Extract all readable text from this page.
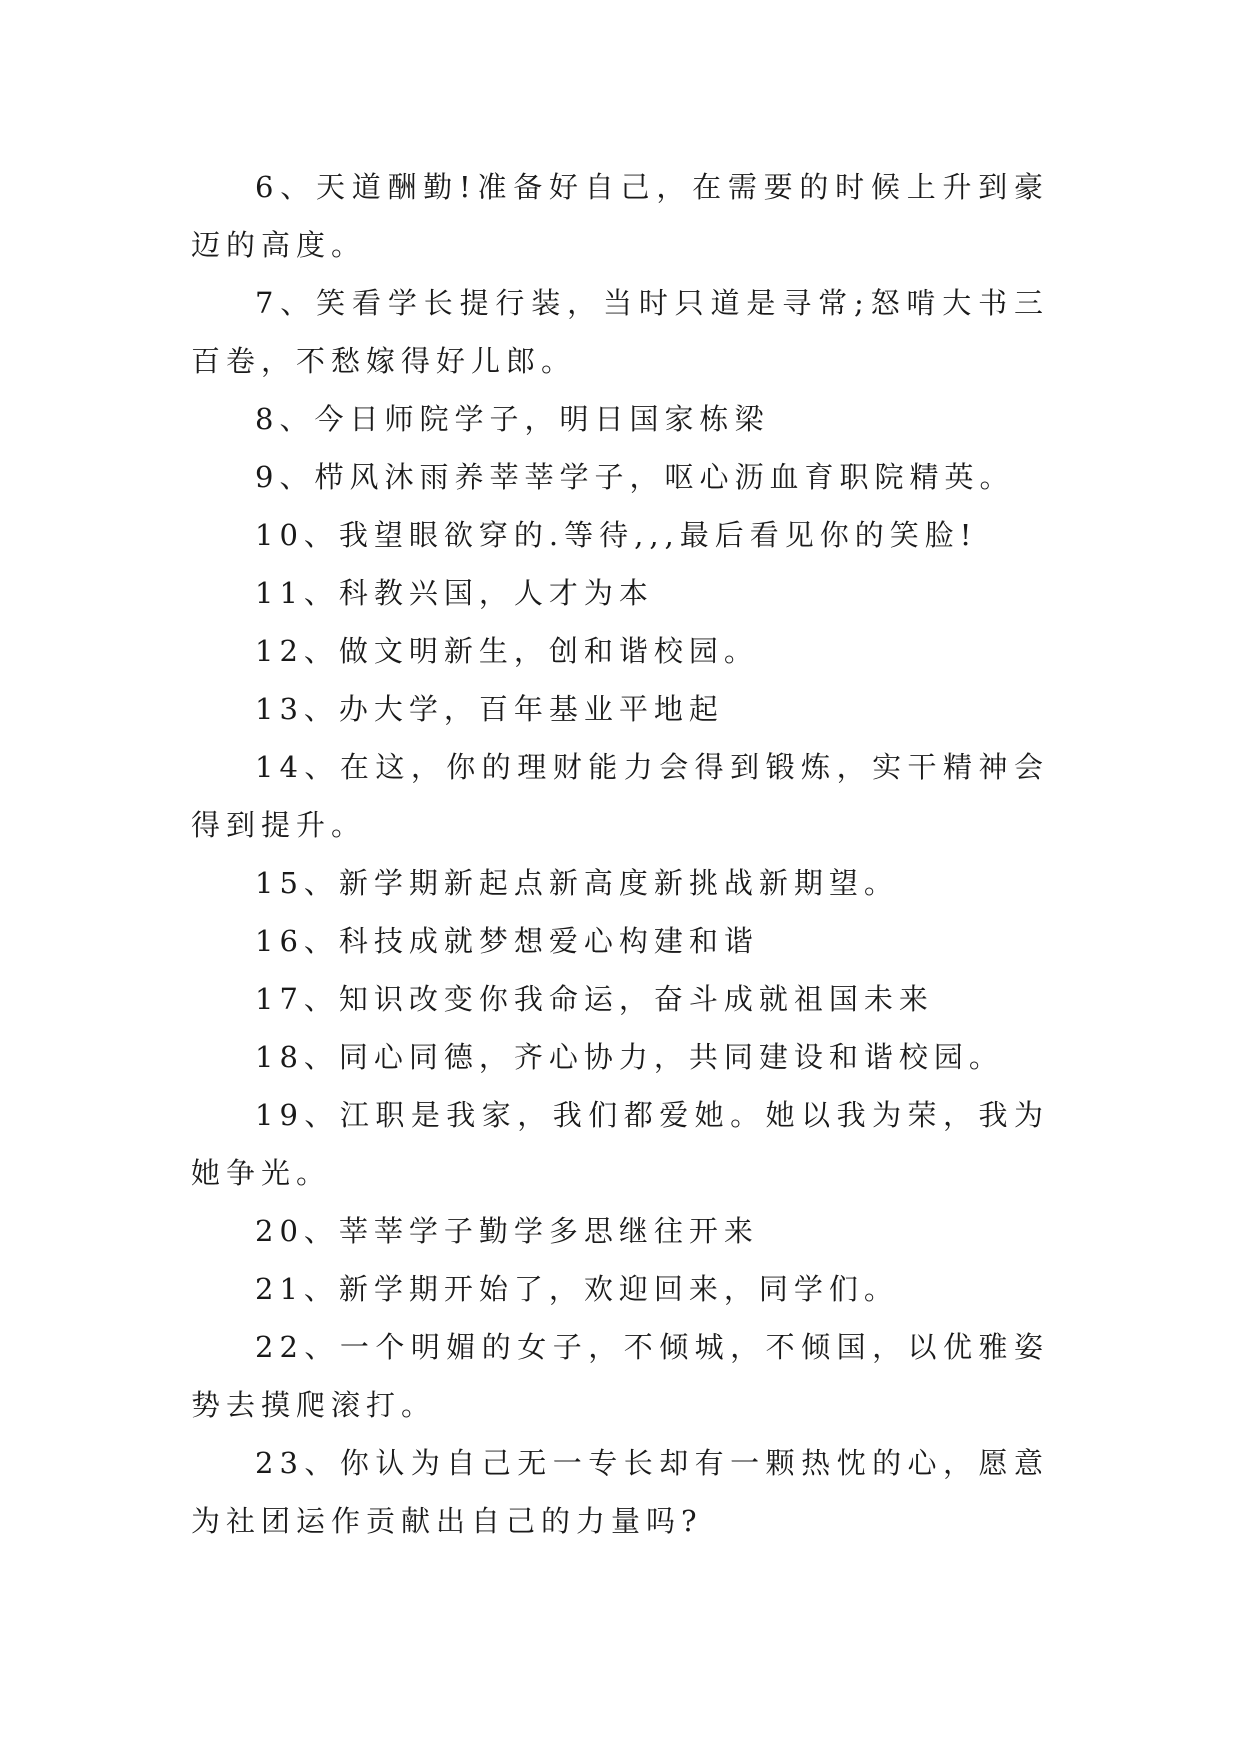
6、天道酬勤!准备好自己，在需要的时候上升到豪迈的高度。

7、笑看学长提行装，当时只道是寻常;怒啃大书三百卷，不愁嫁得好儿郎。

8、今日师院学子，明日国家栋梁

9、栉风沐雨养莘莘学子，呕心沥血育职院精英。

10、我望眼欲穿的.等待,,,最后看见你的笑脸!

11、科教兴国，人才为本

12、做文明新生，创和谐校园。

13、办大学，百年基业平地起

14、在这，你的理财能力会得到锻炼，实干精神会得到提升。

15、新学期新起点新高度新挑战新期望。

16、科技成就梦想爱心构建和谐

17、知识改变你我命运，奋斗成就祖国未来

18、同心同德，齐心协力，共同建设和谐校园。

19、江职是我家，我们都爱她。她以我为荣，我为她争光。

20、莘莘学子勤学多思继往开来

21、新学期开始了，欢迎回来，同学们。

22、一个明媚的女子，不倾城，不倾国，以优雅姿势去摸爬滚打。

23、你认为自己无一专长却有一颗热忱的心，愿意为社团运作贡献出自己的力量吗?
